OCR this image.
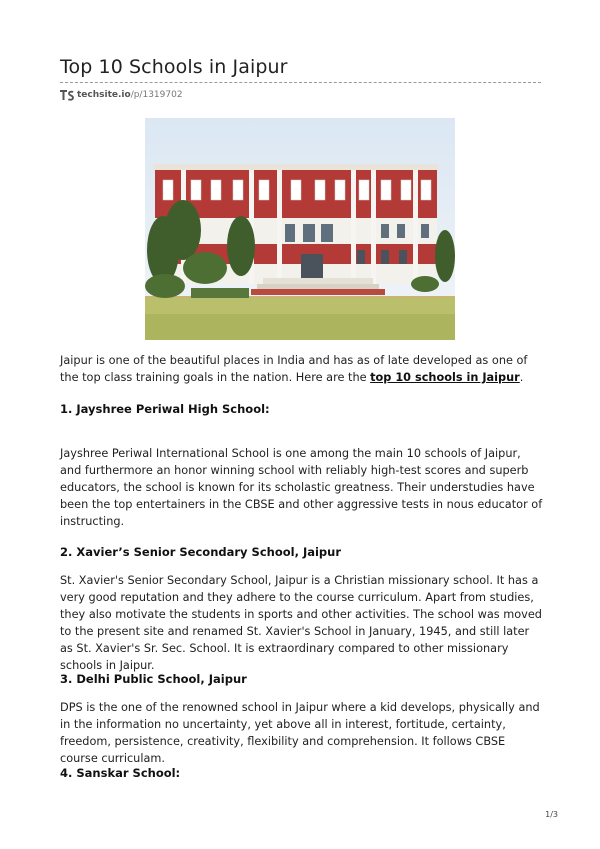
Top 10 Schools in Jaipur
techsite.io /p/1319702

Jaipur is one of the beautiful places in India and has as of late developed as one of the top class training goals in the nation. Here are the top 10 schools in Jaipur.

1. Jayshree Periwal High School:

Jayshree Periwal International School is one among the main 10 schools of Jaipur, and furthermore an honor winning school with reliably high-test scores and superb educators, the school is known for its scholastic greatness. Their understudies have been the top entertainers in the CBSE and other aggressive tests in nous educator of instructing.

2. Xavier’s Senior Secondary School, Jaipur

St. Xavier's Senior Secondary School, Jaipur is a Christian missionary school. It has a very good reputation and they adhere to the course curriculum. Apart from studies, they also motivate the students in sports and other activities. The school was moved to the present site and renamed St. Xavier's School in January, 1945, and still later as St. Xavier's Sr. Sec. School. It is extraordinary compared to other missionary schools in Jaipur.

3. Delhi Public School, Jaipur

DPS is the one of the renowned school in Jaipur where a kid develops, physically and in the information no uncertainty, yet above all in interest, fortitude, certainty, freedom, persistence, creativity, flexibility and comprehension. It follows CBSE course curriculam.

4. Sanskar School:
1/3
